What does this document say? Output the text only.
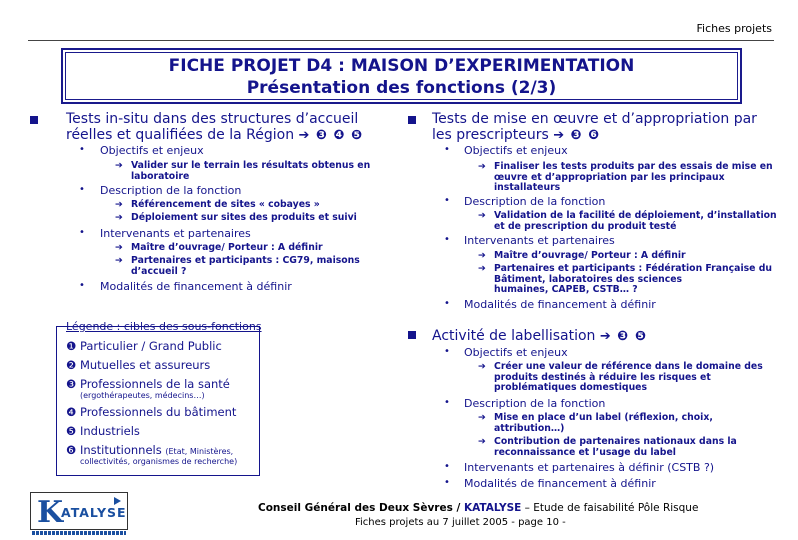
Fiches projets
FICHE PROJET D4 : MAISON D’EXPERIMENTATION
Présentation des fonctions (2/3)
Tests in-situ dans des structures d’accueil
réelles et qualifiées de la Région ➔ ❸ ❹ ❺
• Objectifs et enjeux
➔ Valider sur le terrain les résultats obtenus en
laboratoire
• Description de la fonction
➔ Référencement de sites « cobayes »
➔ Déploiement sur sites des produits et suivi
• Intervenants et partenaires
➔ Maître d’ouvrage/ Porteur : A définir
➔ Partenaires et participants : CG79, maisons
d’accueil ?
• Modalités de financement à définir
Légende : cibles des sous-fonctions
❶ Particulier / Grand Public
❷ Mutuelles et assureurs
❸ Professionnels de la santé
(ergothérapeutes, médecins…)
❹ Professionnels du bâtiment
❺ Industriels
❻ Institutionnels (Etat, Ministères,
collectivités, organismes de recherche)
Tests de mise en œuvre et d’appropriation par
les prescripteurs ➔ ❸ ❻
• Objectifs et enjeux
➔ Finaliser les tests produits par des essais de mise en
œuvre et d’appropriation par les principaux
installateurs
• Description de la fonction
➔ Validation de la facilité de déploiement, d’installation
et de prescription du produit testé
• Intervenants et partenaires
➔ Maître d’ouvrage/ Porteur : A définir
➔ Partenaires et participants : Fédération Française du
Bâtiment, laboratoires des sciences
humaines, CAPEB, CSTB… ?
• Modalités de financement à définir
Activité de labellisation ➔ ❸ ❺
• Objectifs et enjeux
➔ Créer une valeur de référence dans le domaine des
produits destinés à réduire les risques et
problématiques domestiques
• Description de la fonction
➔ Mise en place d’un label (réflexion, choix,
attribution…)
➔ Contribution de partenaires nationaux dans la
reconnaissance et l’usage du label
• Intervenants et partenaires à définir (CSTB ?)
• Modalités de financement à définir
K
ATALYSE	Conseil Général des Deux Sèvres / KATALYSE – Etude de faisabilité Pôle Risque
Fiches projets au 7 juillet 2005 - page 10 -
